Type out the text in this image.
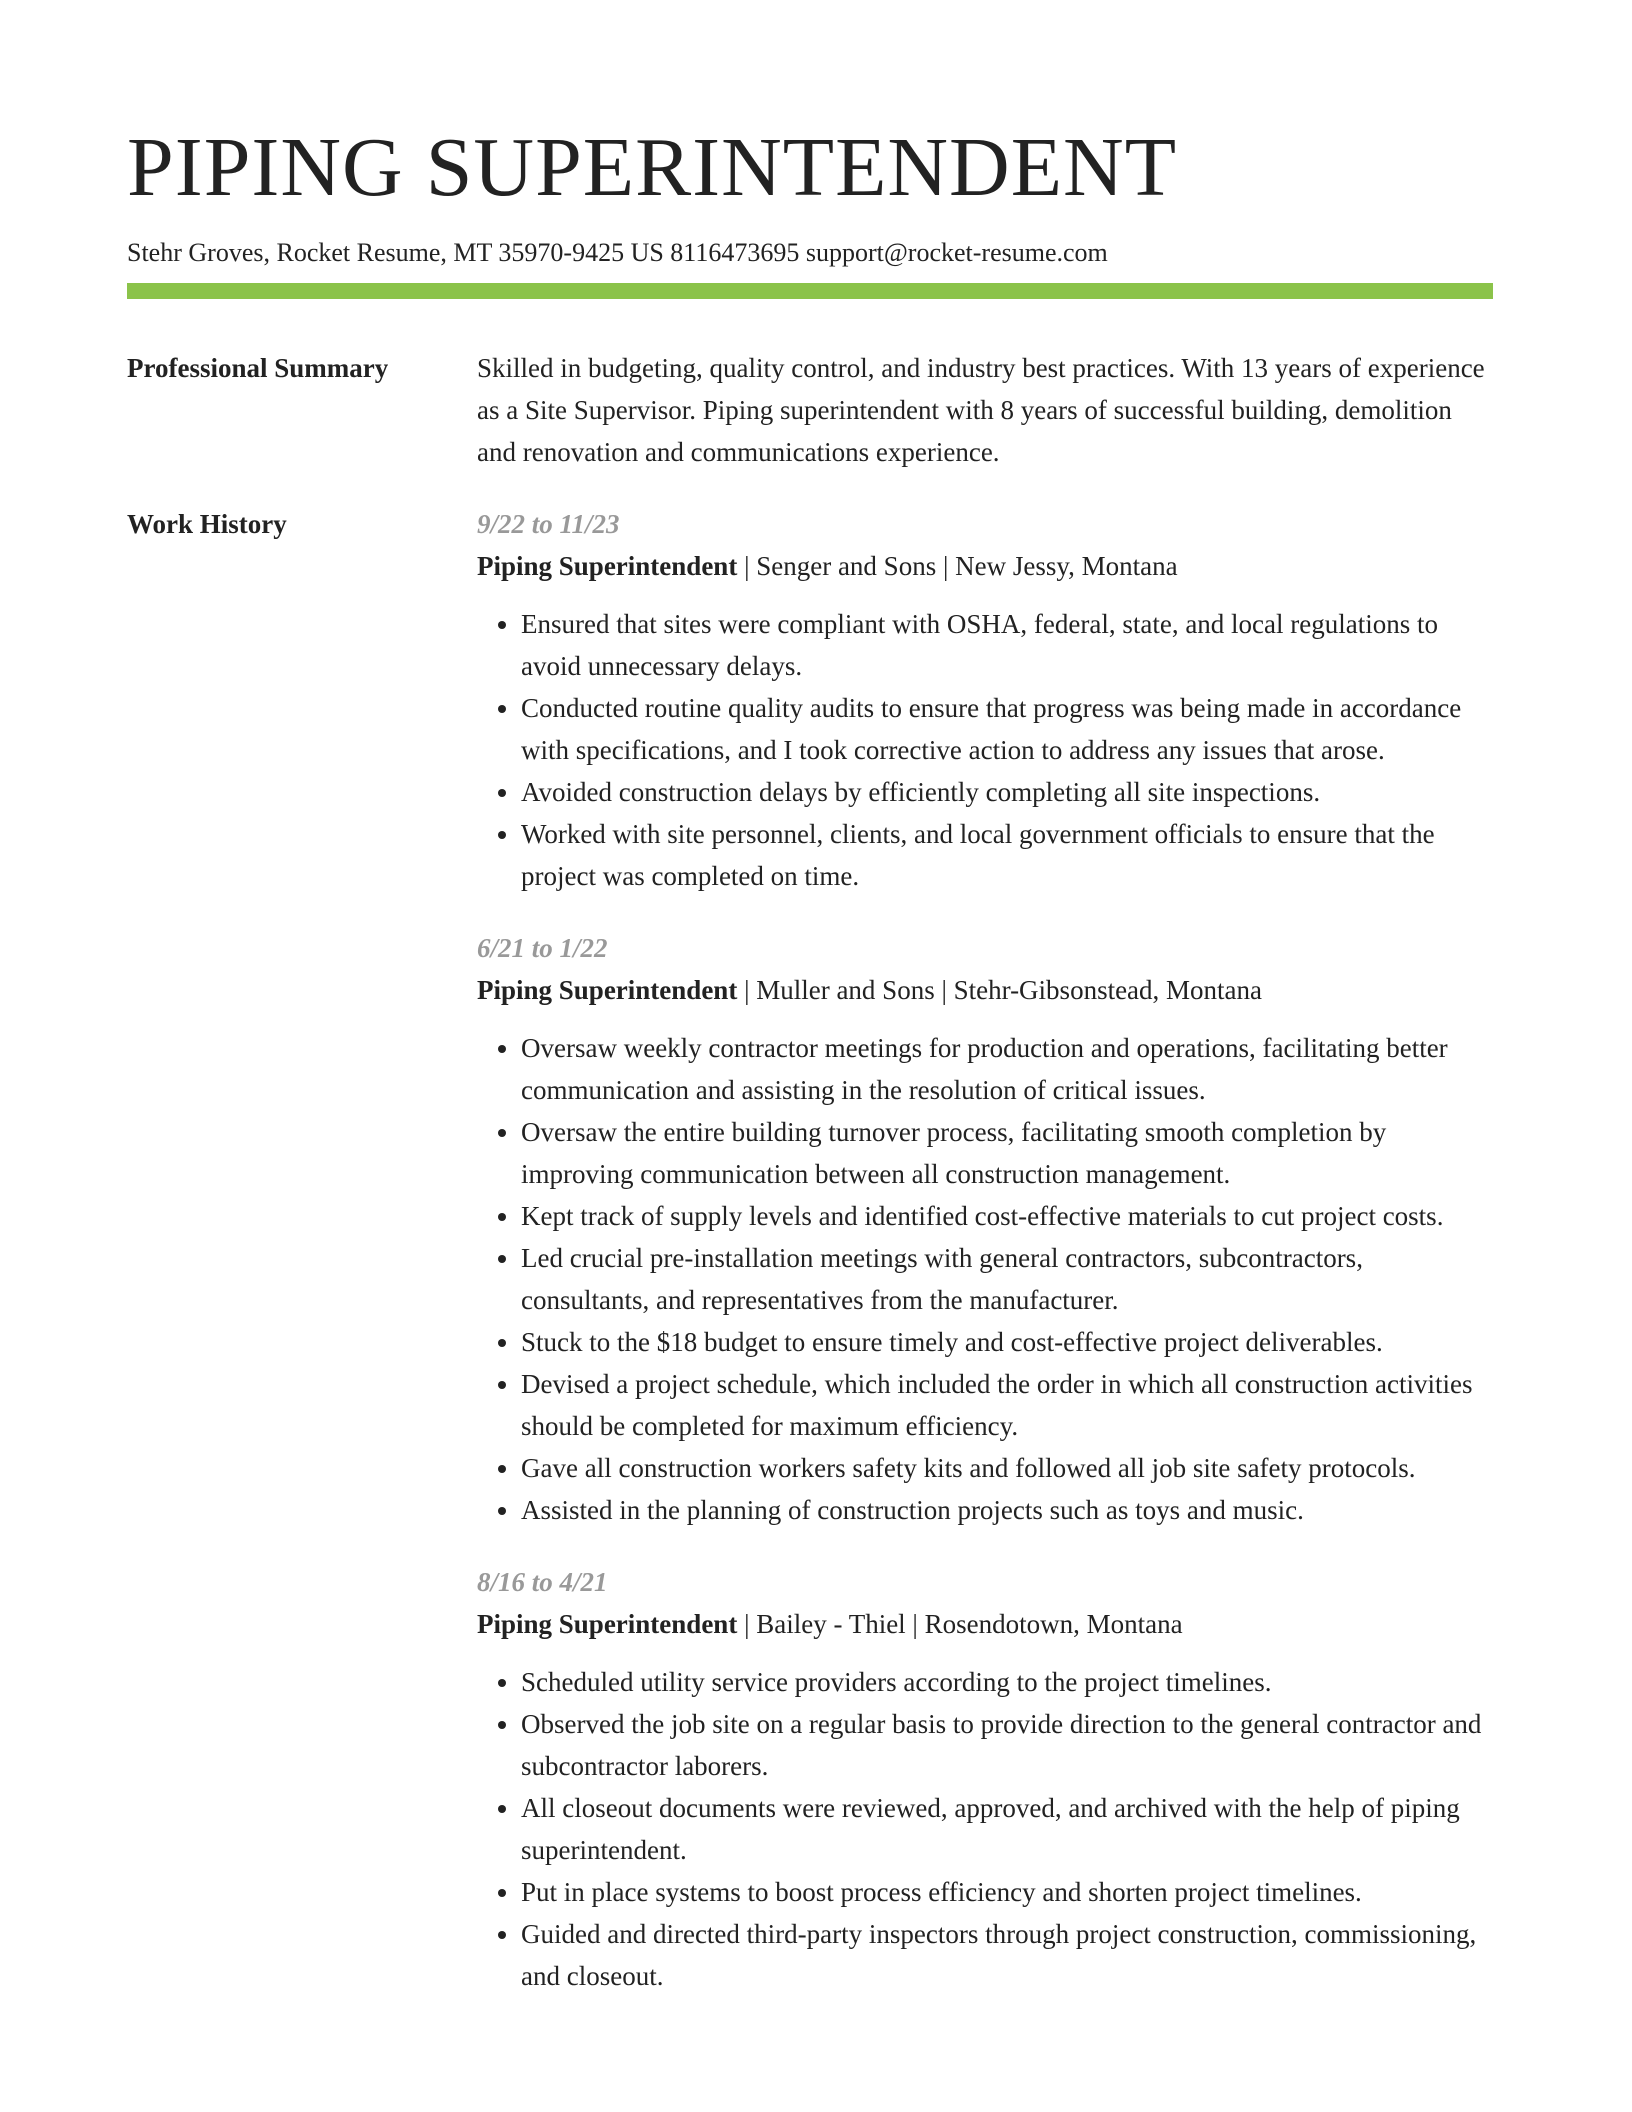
PIPING SUPERINTENDENT
Stehr Groves, Rocket Resume, MT 35970-9425 US 8116473695 support@rocket-resume.com
Professional Summary	Skilled in budgeting, quality control, and industry best practices. With 13 years of experience as a Site Supervisor. Piping superintendent with 8 years of successful building, demolition and renovation and communications experience.

Work History	9/22 to 11/23
Piping Superintendent | Senger and Sons | New Jessy, Montana
• Ensured that sites were compliant with OSHA, federal, state, and local regulations to avoid unnecessary delays.
• Conducted routine quality audits to ensure that progress was being made in accordance with specifications, and I took corrective action to address any issues that arose.
• Avoided construction delays by efficiently completing all site inspections.
• Worked with site personnel, clients, and local government officials to ensure that the project was completed on time.
6/21 to 1/22
Piping Superintendent | Muller and Sons | Stehr-Gibsonstead, Montana
• Oversaw weekly contractor meetings for production and operations, facilitating better communication and assisting in the resolution of critical issues.
• Oversaw the entire building turnover process, facilitating smooth completion by improving communication between all construction management.
• Kept track of supply levels and identified cost-effective materials to cut project costs.
• Led crucial pre-installation meetings with general contractors, subcontractors, consultants, and representatives from the manufacturer.
• Stuck to the $18 budget to ensure timely and cost-effective project deliverables.
• Devised a project schedule, which included the order in which all construction activities should be completed for maximum efficiency.
• Gave all construction workers safety kits and followed all job site safety protocols.
• Assisted in the planning of construction projects such as toys and music.
8/16 to 4/21
Piping Superintendent | Bailey - Thiel | Rosendotown, Montana
• Scheduled utility service providers according to the project timelines.
• Observed the job site on a regular basis to provide direction to the general contractor and subcontractor laborers.
• All closeout documents were reviewed, approved, and archived with the help of piping superintendent.
• Put in place systems to boost process efficiency and shorten project timelines.
• Guided and directed third-party inspectors through project construction, commissioning, and closeout.
